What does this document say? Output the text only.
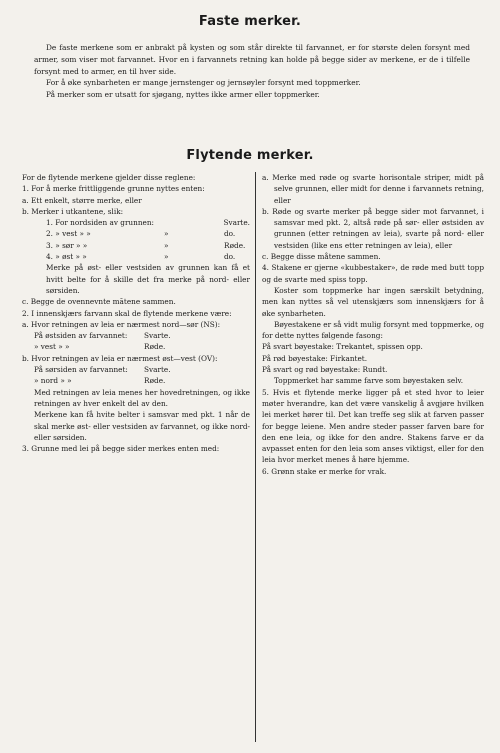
Faste merker.

De faste merkene som er anbrakt på kysten og som står direkte til farvannet, er for største delen forsynt med armer, som viser mot farvannet. Hvor en i farvannets retning kan holde på begge sider av merkene, er de i tilfelle forsynt med to armer, en til hver side.

For å øke synbarheten er mange jernstenger og jernsøyler forsynt med toppmerker.

På merker som er utsatt for sjøgang, nyttes ikke armer eller toppmerker.

Flytende merker.

For de flytende merkene gjelder disse reglene:

1. For å merke frittliggende grunne nyttes enten:

a. Ett enkelt, større merke, eller

b. Merker i utkantene, slik:

1. For nordsiden av grunnen:	Svarte.
2. » vest » »	»	do.
3. » sør » »	»	Røde.
4. » øst » »	»	do.

Merke på øst- eller vestsiden av grunnen kan få et hvitt belte for å skille det fra merke på nord- eller sørsiden.

c. Begge de ovennevnte mātene sammen.

2. I innenskjærs farvann skal de flytende merkene være:

a. Hvor retningen av leia er nærmest nord—sør (NS):

På østsiden av farvannet:	Svarte.
» vest » »	Røde.

b. Hvor retningen av leia er nærmest øst—vest (OV):

På sørsiden av farvannet:	Svarte.
» nord » »	Røde.

Med retningen av leia menes her hovedretningen, og ikke retningen av hver enkelt del av den.

Merkene kan få hvite belter i samsvar med pkt. 1 når de skal merke øst- eller vestsiden av farvannet, og ikke nord- eller sørsiden.

3. Grunne med lei på begge sider merkes enten med:

a. Merke med røde og svarte horisontale striper, midt på selve grunnen, eller midt for denne i farvannets retning, eller

b. Røde og svarte merker på begge sider mot farvannet, i samsvar med pkt. 2, altså røde på sør- eller østsiden av grunnen (etter retningen av leia), svarte på nord- eller vestsiden (like ens etter retningen av leia), eller

c. Begge disse måtene sammen.

4. Stakene er gjerne «kubbestaker», de røde med butt topp og de svarte med spiss topp.

Koster som toppmerke har ingen særskilt betydning, men kan nyttes så vel utenskjærs som innenskjærs for å øke synbarheten.

Bøyestakene er så vidt mulig forsynt med toppmerke, og for dette nyttes følgende fasong:

På svart bøyestake: Trekantet, spissen opp.

På rød bøyestake: Firkantet.

På svart og rød bøyestake: Rundt.

Toppmerket har samme farve som bøyestaken selv.

5. Hvis et flytende merke ligger på et sted hvor to leier møter hverandre, kan det være vanskelig å avgjøre hvilken lei merket hører til. Det kan treffe seg slik at farven passer for begge leiene. Men andre steder passer farven bare for den ene leia, og ikke for den andre. Stakens farve er da avpasset enten for den leia som anses viktigst, eller for den leia hvor merket menes å høre hjemme.

6. Grønn stake er merke for vrak.
